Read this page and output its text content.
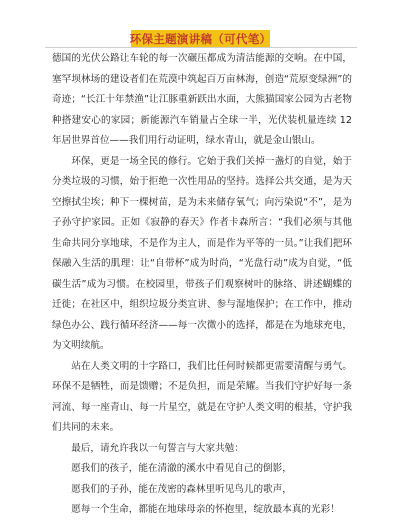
环保主题演讲稿（可代笔）

德国的光伏公路让车轮的每一次碾压都成为清洁能源的交响。在中国，塞罕坝林场的建设者们在荒漠中筑起百万亩林海，创造“荒原变绿洲”的奇迹；“长江十年禁渔”让江豚重新跃出水面，大熊猫国家公园为古老物种搭建安心的家园；新能源汽车销量占全球一半，光伏装机量连续 12 年居世界首位——我们用行动证明，绿水青山，就是金山银山。

环保，更是一场全民的修行。它始于我们关掉一盏灯的自觉，始于分类垃圾的习惯，始于拒绝一次性用品的坚持。选择公共交通，是为天空擦拭尘埃；种下一棵树苗，是为未来储存氧气；向污染说“不”，是为子孙守护家园。正如《寂静的春天》作者卡森所言：“我们必须与其他生命共同分享地球，不是作为主人，而是作为平等的一员。”让我们把环保融入生活的肌理：让“自带杯”成为时尚，“光盘行动”成为自觉，“低碳生活”成为习惯。在校园里，带孩子们观察树叶的脉络、讲述蝴蝶的迁徙；在社区中，组织垃圾分类宣讲、参与湿地保护；在工作中，推动绿色办公、践行循环经济——每一次微小的选择，都是在为地球充电，为文明续航。

站在人类文明的十字路口，我们比任何时候都更需要清醒与勇气。环保不是牺牲，而是馈赠；不是负担，而是荣耀。当我们守护好每一条河流、每一座青山、每一片星空，就是在守护人类文明的根基，守护我们共同的未来。

最后，请允许我以一句誓言与大家共勉：

愿我们的孩子，能在清澈的溪水中看见自己的倒影，

愿我们的子孙，能在茂密的森林里听见鸟儿的歌声，

愿每一个生命，都能在地球母亲的怀抱里，绽放最本真的光彩！
